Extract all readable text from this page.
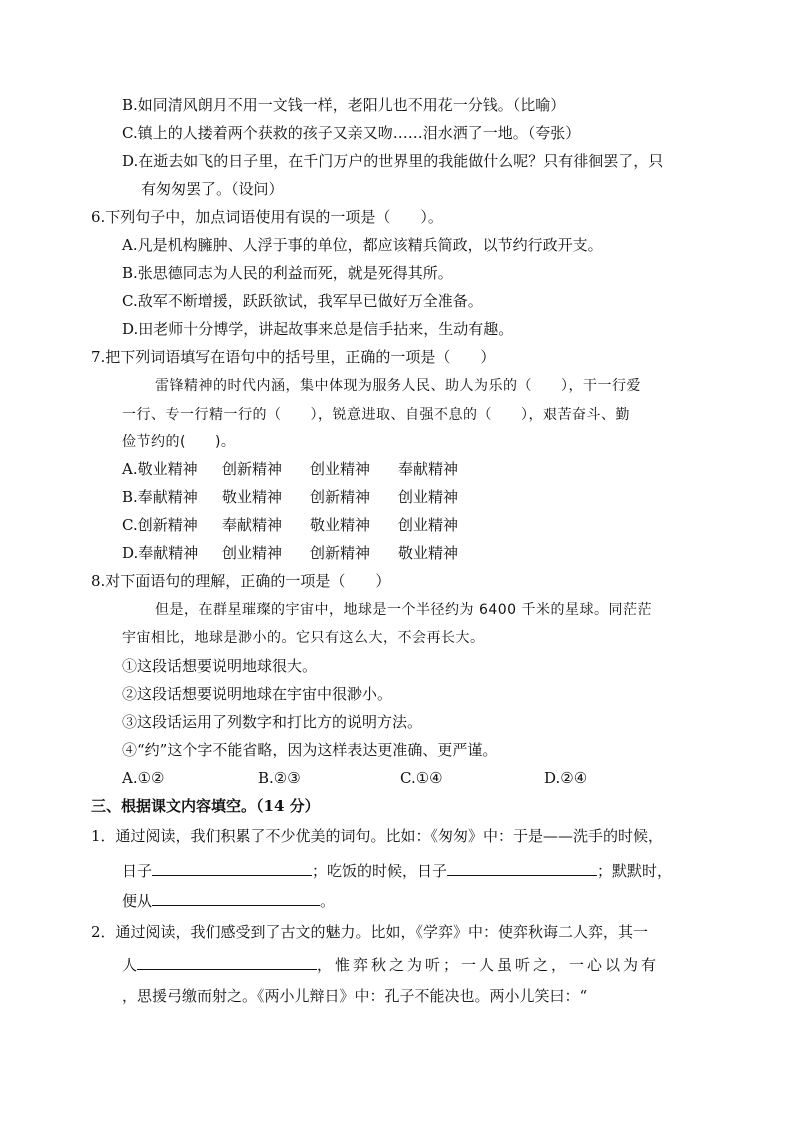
B.如同清风朗月不用一文钱一样，老阳儿也不用花一分钱。（比喻）
C.镇上的人搂着两个获救的孩子又亲又吻……泪水洒了一地。（夸张）
D.在逝去如飞的日子里，在千门万户的世界里的我能做什么呢？只有徘徊罢了，只
有匆匆罢了。（设问）
6.下列句子中，加点词语使用有误的一项是（　　）。
A.凡是机构臃肿、人浮于事的单位，都应该精兵简政，以节约行政开支。
B.张思德同志为人民的利益而死，就是死得其所。
C.敌军不断增援，跃跃欲试，我军早已做好万全准备。
D.田老师十分博学，讲起故事来总是信手拈来，生动有趣。
7.把下列词语填写在语句中的括号里，正确的一项是（　　）
雷锋精神的时代内涵，集中体现为服务人民、助人为乐的（　　），干一行爱
一行、专一行精一行的（　　），锐意进取、自强不息的（　　），艰苦奋斗、勤
俭节约的(　　)。
A.敬业精神 创新精神 创业精神 奉献精神
B.奉献精神 敬业精神 创新精神 创业精神
C.创新精神 奉献精神 敬业精神 创业精神
D.奉献精神 创业精神 创新精神 敬业精神
8.对下面语句的理解，正确的一项是（　　）
但是，在群星璀璨的宇宙中，地球是一个半径约为 6400 千米的星球。同茫茫
宇宙相比，地球是渺小的。它只有这么大，不会再长大。
①这段话想要说明地球很大。
②这段话想要说明地球在宇宙中很渺小。
③这段话运用了列数字和打比方的说明方法。
④“约”这个字不能省略，因为这样表达更准确、更严谨。
A.①②	B.②③	C.①④	D.②④
三、根据课文内容填空。（14 分）
1．通过阅读，我们积累了不少优美的词句。比如：《匆匆》中：于是——洗手的时候，
日子	；吃饭的时候，日子	；默默时，
便从	。
2．通过阅读，我们感受到了古文的魅力。比如，《学弈》中：使弈秋诲二人弈，其一
人	，惟弈秋之为听；一人虽听之，一心以为有
，思援弓缴而射之。《两小儿辩日》中：孔子不能决也。两小儿笑曰：“
